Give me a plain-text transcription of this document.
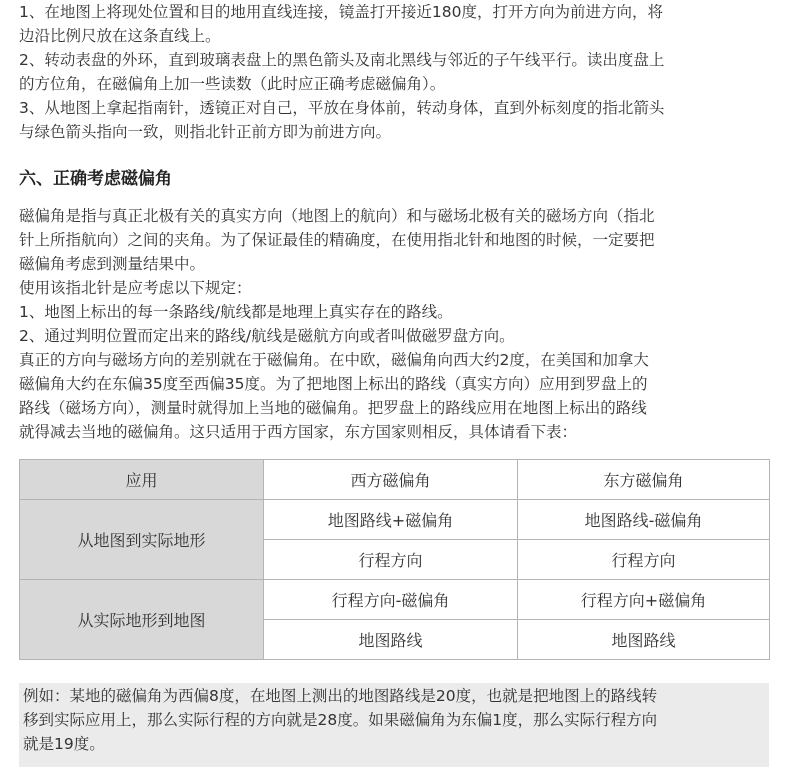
1、在地图上将现处位置和目的地用直线连接，镜盖打开接近180度，打开方向为前进方向，将
边沿比例尺放在这条直线上。
2、转动表盘的外环，直到玻璃表盘上的黑色箭头及南北黑线与邻近的子午线平行。读出度盘上
的方位角，在磁偏角上加一些读数（此时应正确考虑磁偏角）。
3、从地图上拿起指南针，透镜正对自己，平放在身体前，转动身体，直到外标刻度的指北箭头
与绿色箭头指向一致，则指北针正前方即为前进方向。
六、正确考虑磁偏角
磁偏角是指与真正北极有关的真实方向（地图上的航向）和与磁场北极有关的磁场方向（指北
针上所指航向）之间的夹角。为了保证最佳的精确度，在使用指北针和地图的时候，一定要把
磁偏角考虑到测量结果中。
使用该指北针是应考虑以下规定：
1、地图上标出的每一条路线/航线都是地理上真实存在的路线。
2、通过判明位置而定出来的路线/航线是磁航方向或者叫做磁罗盘方向。
真正的方向与磁场方向的差别就在于磁偏角。在中欧，磁偏角向西大约2度，在美国和加拿大
磁偏角大约在东偏35度至西偏35度。为了把地图上标出的路线（真实方向）应用到罗盘上的
路线（磁场方向），测量时就得加上当地的磁偏角。把罗盘上的路线应用在地图上标出的路线
就得减去当地的磁偏角。这只适用于西方国家，东方国家则相反，具体请看下表：
应用	西方磁偏角	东方磁偏角
从地图到实际地形	地图路线+磁偏角	地图路线-磁偏角
	行程方向	行程方向
从实际地形到地图	行程方向-磁偏角	行程方向+磁偏角
	地图路线	地图路线
例如：某地的磁偏角为西偏8度，在地图上测出的地图路线是20度，也就是把地图上的路线转
移到实际应用上，那么实际行程的方向就是28度。如果磁偏角为东偏1度，那么实际行程方向
就是19度。
